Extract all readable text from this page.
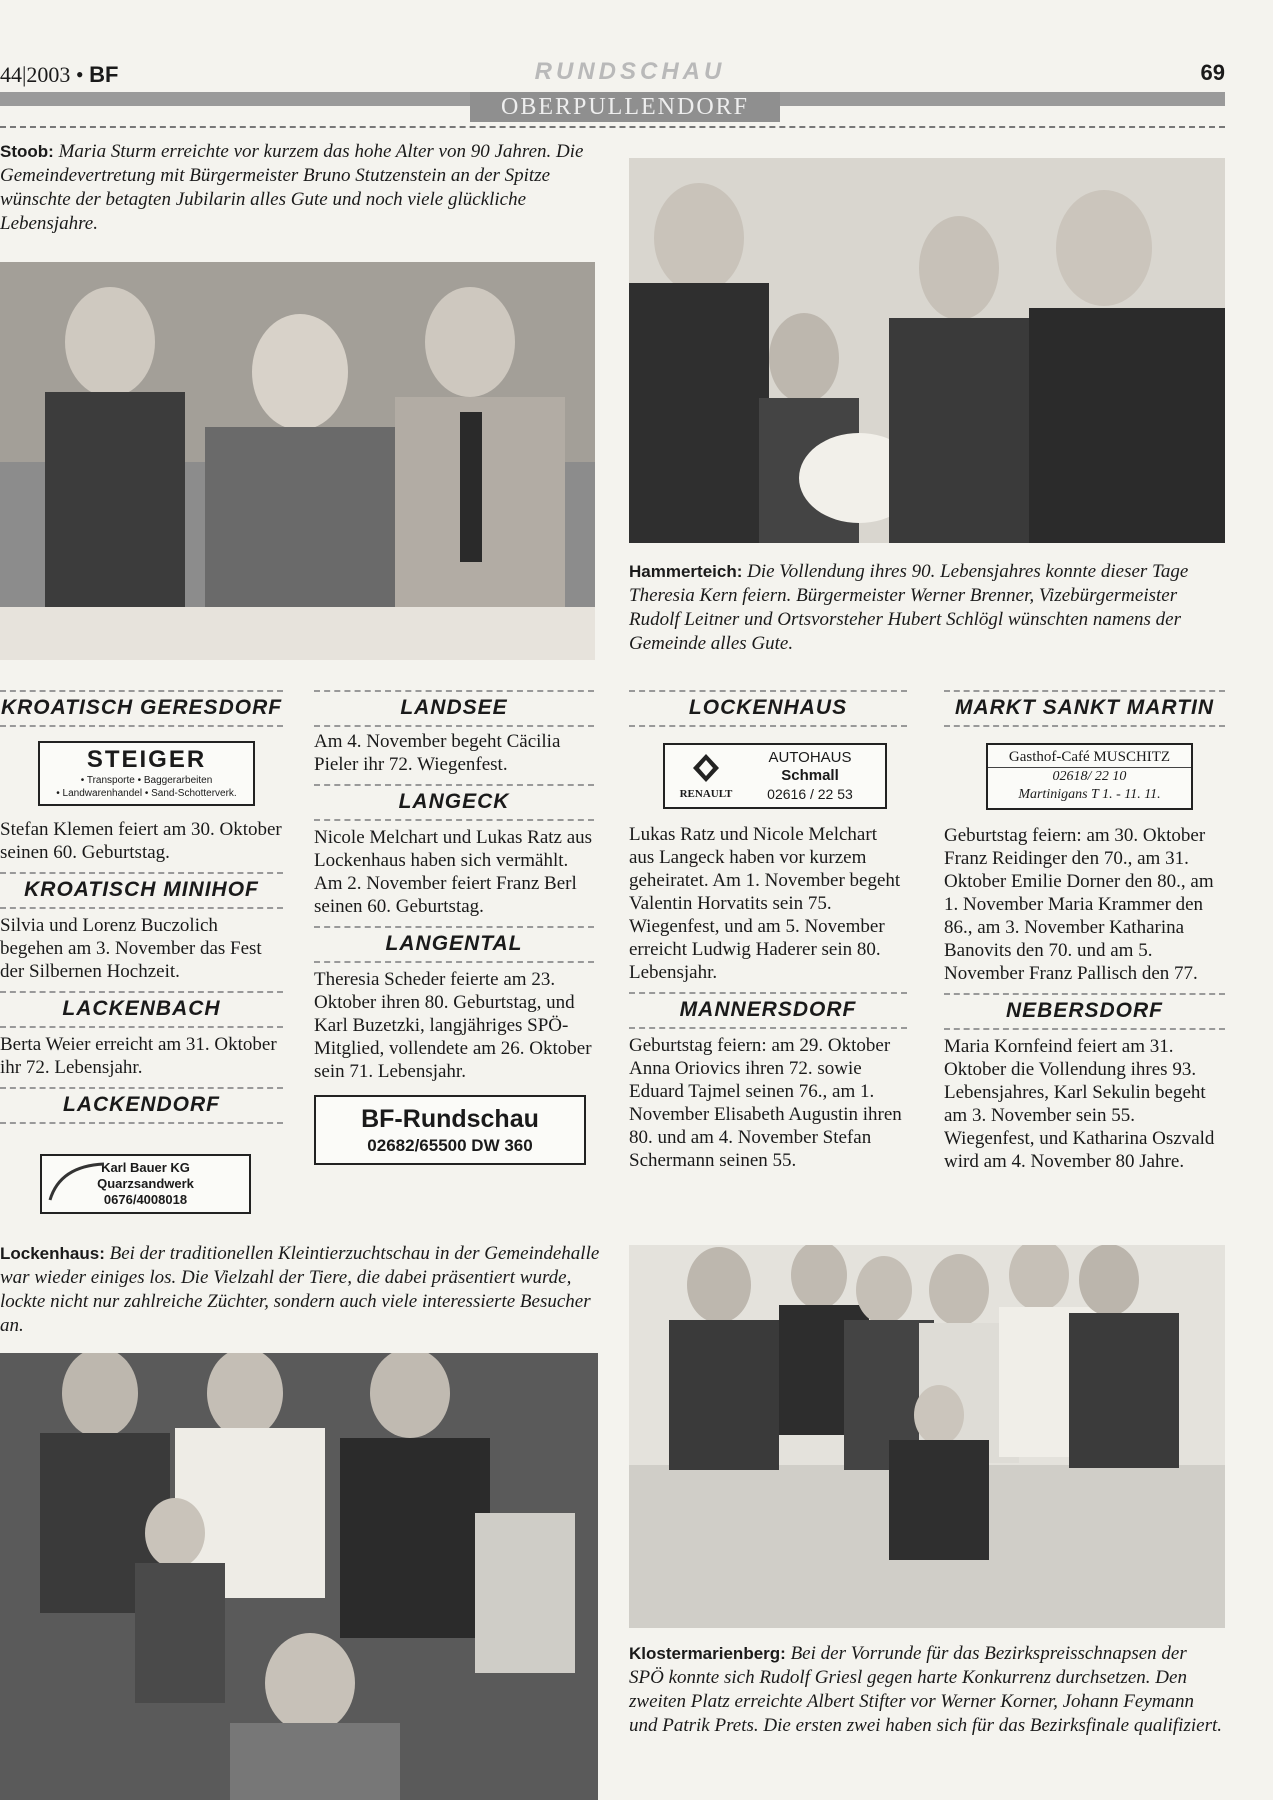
44|2003 • BF	RUNDSCHAU	69
OBERPULLENDORF
Stoob: Maria Sturm erreichte vor kurzem das hohe Alter von 90 Jahren. Die Gemeindevertretung mit Bürgermeister Bruno Stutzenstein an der Spitze wünschte der betagten Jubilarin alles Gute und noch viele glückliche Lebensjahre.
Hammerteich: Die Vollendung ihres 90. Lebensjahres konnte dieser Tage Theresia Kern feiern. Bürgermeister Werner Brenner, Vizebürgermeister Rudolf Leitner und Ortsvorsteher Hubert Schlögl wünschten namens der Gemeinde alles Gute.
KROATISCH GERESDORF
STEIGER
• Transporte • Baggerarbeiten
• Landwarenhandel • Sand-Schotterverk.
Stefan Klemen feiert am 30. Oktober seinen 60. Geburtstag.
KROATISCH MINIHOF
Silvia und Lorenz Buczolich begehen am 3. November das Fest der Silbernen Hochzeit.
LACKENBACH
Berta Weier erreicht am 31. Oktober ihr 72. Lebensjahr.
LACKENDORF
Karl Bauer KG
Quarzsandwerk
0676/4008018
LANDSEE
Am 4. November begeht Cäcilia Pieler ihr 72. Wiegenfest.
LANGECK
Nicole Melchart und Lukas Ratz aus Lockenhaus haben sich vermählt. Am 2. November feiert Franz Berl seinen 60. Geburtstag.
LANGENTAL
Theresia Scheder feierte am 23. Oktober ihren 80. Geburtstag, und Karl Buzetzki, langjähriges SPÖ-Mitglied, vollendete am 26. Oktober sein 71. Lebensjahr.
BF-Rundschau
02682/65500 DW 360
LOCKENHAUS
RENAULT
AUTOHAUS
Schmall
02616 / 22 53
Lukas Ratz und Nicole Melchart aus Langeck haben vor kurzem geheiratet. Am 1. November begeht Valentin Horvatits sein 75. Wiegenfest, und am 5. November erreicht Ludwig Haderer sein 80. Lebensjahr.
MANNERSDORF
Geburtstag feiern: am 29. Oktober Anna Oriovics ihren 72. sowie Eduard Tajmel seinen 76., am 1. November Elisabeth Augustin ihren 80. und am 4. November Stefan Schermann seinen 55.
MARKT SANKT MARTIN
Gasthof-Café MUSCHITZ
02618/ 22 10
Martinigans T 1. - 11. 11.
Geburtstag feiern: am 30. Oktober Franz Reidinger den 70., am 31. Oktober Emilie Dorner den 80., am 1. November Maria Krammer den 86., am 3. November Katharina Banovits den 70. und am 5. November Franz Pallisch den 77.
NEBERSDORF
Maria Kornfeind feiert am 31. Oktober die Vollendung ihres 93. Lebensjahres, Karl Sekulin begeht am 3. November sein 55. Wiegenfest, und Katharina Oszvald wird am 4. November 80 Jahre.
Lockenhaus: Bei der traditionellen Kleintierzuchtschau in der Gemeindehalle war wieder einiges los. Die Vielzahl der Tiere, die dabei präsentiert wurde, lockte nicht nur zahlreiche Züchter, sondern auch viele interessierte Besucher an.
Klostermarienberg: Bei der Vorrunde für das Bezirkspreisschnapsen der SPÖ konnte sich Rudolf Griesl gegen harte Konkurrenz durchsetzen. Den zweiten Platz erreichte Albert Stifter vor Werner Korner, Johann Feymann und Patrik Prets. Die ersten zwei haben sich für das Bezirksfinale qualifiziert.
